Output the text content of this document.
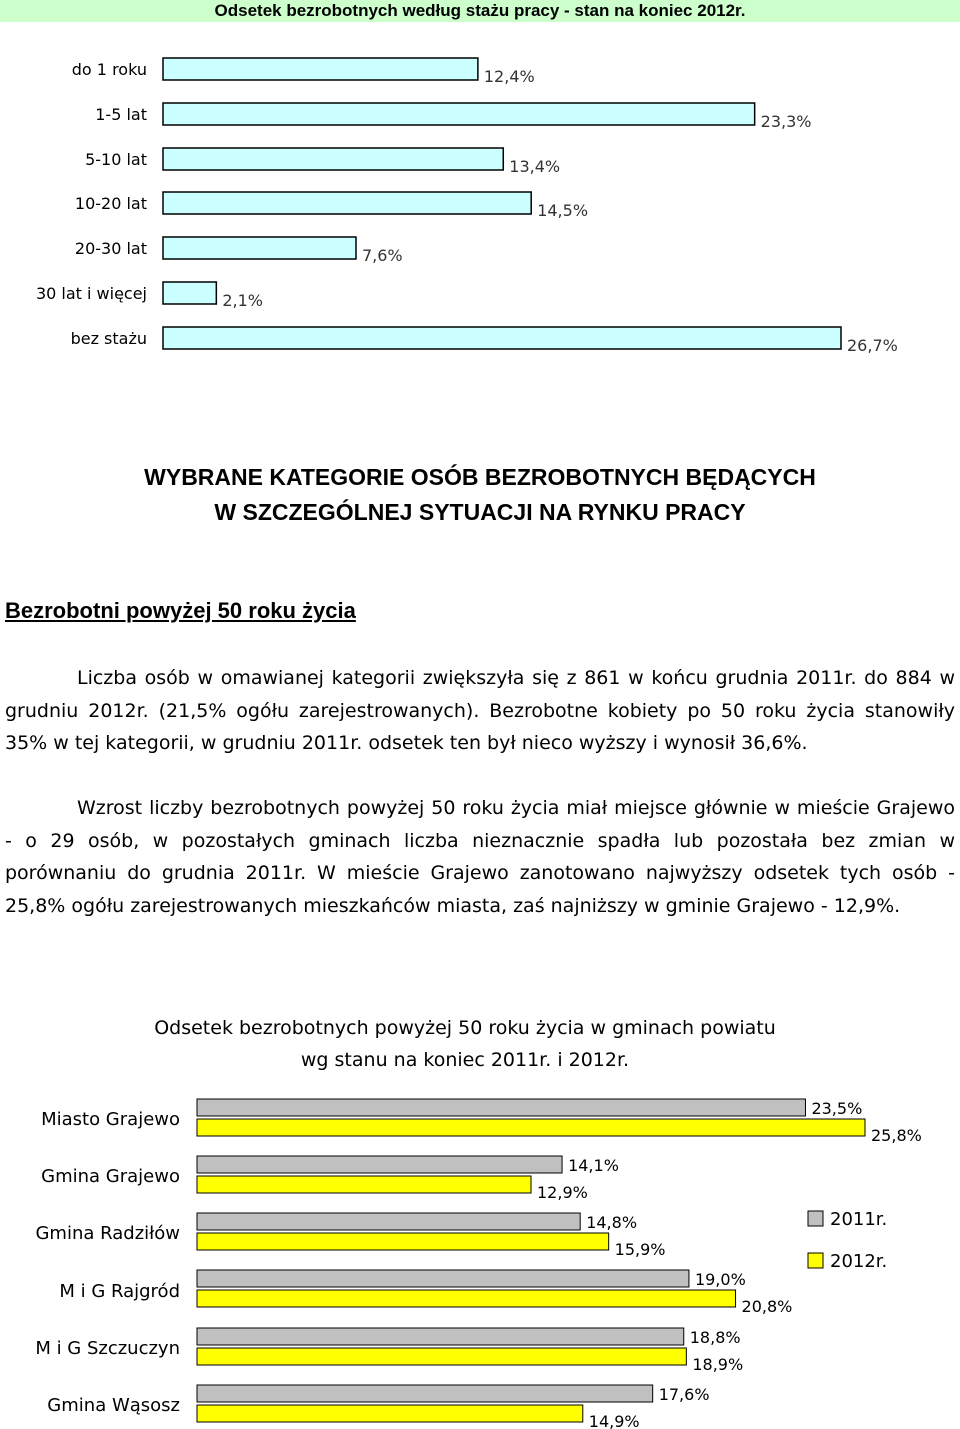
Odsetek bezrobotnych według stażu pracy - stan na koniec 2012r.
do 1 roku	12,4%
1-5 lat	23,3%
5-10 lat	13,4%
10-20 lat	14,5%
20-30 lat	7,6%
30 lat i więcej	2,1%
bez stażu	26,7%
WYBRANE KATEGORIE OSÓB BEZROBOTNYCH BĘDĄCYCH
W SZCZEGÓLNEJ SYTUACJI NA RYNKU PRACY
Bezrobotni powyżej 50 roku życia

Liczba osób w omawianej kategorii zwiększyła się z 861 w końcu grudnia 2011r. do 884 w grudniu 2012r. (21,5% ogółu zarejestrowanych). Bezrobotne kobiety po 50 roku życia stanowiły 35% w tej kategorii, w grudniu 2011r. odsetek ten był nieco wyższy i wynosił 36,6%.

Wzrost liczby bezrobotnych powyżej 50 roku życia miał miejsce głównie w mieście Grajewo - o 29 osób, w pozostałych gminach liczba nieznacznie spadła lub pozostała bez zmian w porównaniu do grudnia 2011r. W mieście Grajewo zanotowano najwyższy odsetek tych osób - 25,8% ogółu zarejestrowanych mieszkańców miasta, zaś najniższy w gminie Grajewo - 12,9%.

Odsetek bezrobotnych powyżej 50 roku życia w gminach powiatu
wg stanu na koniec 2011r. i 2012r.
Miasto Grajewo
23,5%
25,8%
Gmina Grajewo
14,1%
12,9%
Gmina Radziłów
14,8%
15,9%
M i G Rajgród
19,0%
20,8%
M i G Szczuczyn
18,8%
18,9%
Gmina Wąsosz
17,6%
14,9%
2011r.
2012r.
